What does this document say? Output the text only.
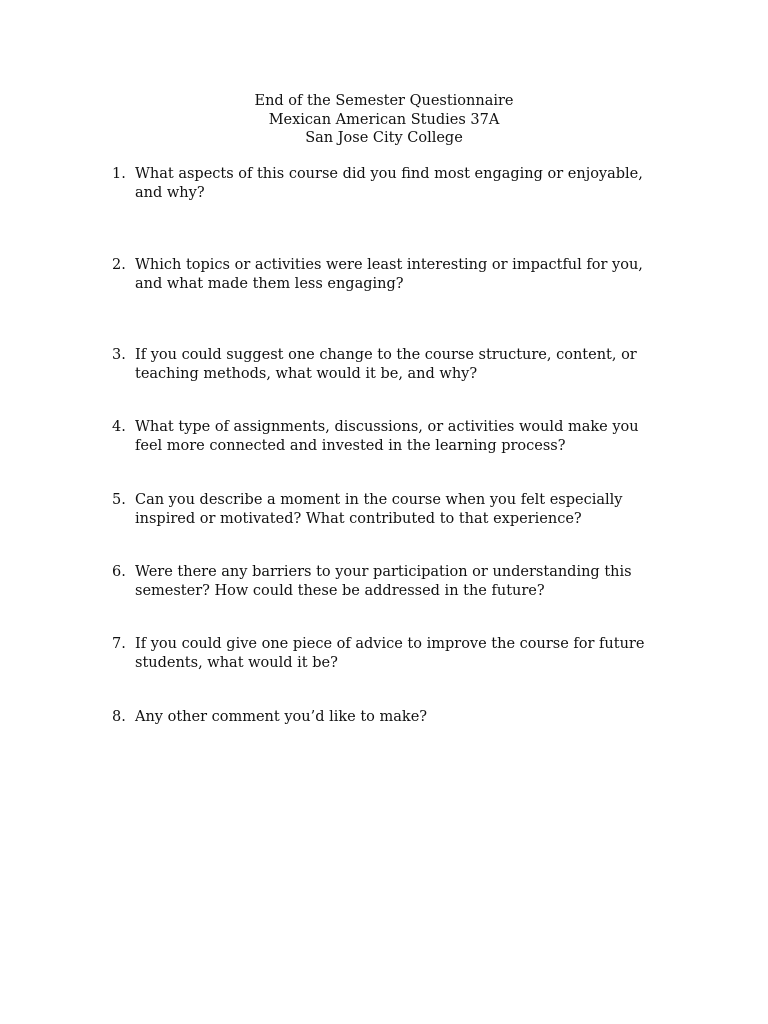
End of the Semester Questionnaire
Mexican American Studies 37A
San Jose City College
1. What aspects of this course did you find most engaging or enjoyable,
and why?
2. Which topics or activities were least interesting or impactful for you,
and what made them less engaging?
3. If you could suggest one change to the course structure, content, or
teaching methods, what would it be, and why?
4. What type of assignments, discussions, or activities would make you
feel more connected and invested in the learning process?
5. Can you describe a moment in the course when you felt especially
inspired or motivated? What contributed to that experience?
6. Were there any barriers to your participation or understanding this
semester? How could these be addressed in the future?
7. If you could give one piece of advice to improve the course for future
students, what would it be?
8. Any other comment you’d like to make?
